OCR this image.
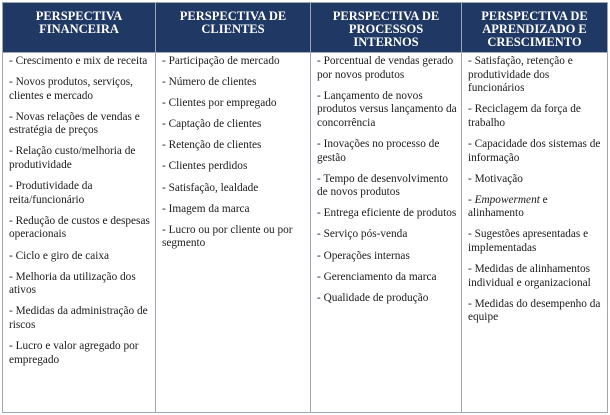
PERSPECTIVA FINANCEIRA
- Crescimento e mix de receita
- Novos produtos, serviços, clientes e mercado
- Novas relações de vendas e estratégia de preços
- Relação custo/melhoria de produtividade
- Produtividade da reita/funcionário
- Redução de custos e despesas operacionais
- Ciclo e giro de caixa
- Melhoria da utilização dos ativos
- Medidas da administração de riscos
- Lucro e valor agregado por empregado
PERSPECTIVA DE CLIENTES
- Participação de mercado
- Número de clientes
- Clientes por empregado
- Captação de clientes
- Retenção de clientes
- Clientes perdidos
- Satisfação, lealdade
- Imagem da marca
- Lucro ou por cliente ou por segmento
PERSPECTIVA DE PROCESSOS INTERNOS
- Porcentual de vendas gerado por novos produtos
- Lançamento de novos produtos versus lançamento da concorrência
- Inovações no processo de gestão
- Tempo de desenvolvimento de novos produtos
- Entrega eficiente de produtos
- Serviço pós-venda
- Operações internas
- Gerenciamento da marca
- Qualidade de produção
PERSPECTIVA DE APRENDIZADO E CRESCIMENTO
- Satisfação, retenção e produtividade dos funcionários
- Reciclagem da força de trabalho
- Capacidade dos sistemas de informação
- Motivação
- Empowerment e alinhamento
- Sugestões apresentadas e implementadas
- Medidas de alinhamentos individual e organizacional
- Medidas do desempenho da equipe
